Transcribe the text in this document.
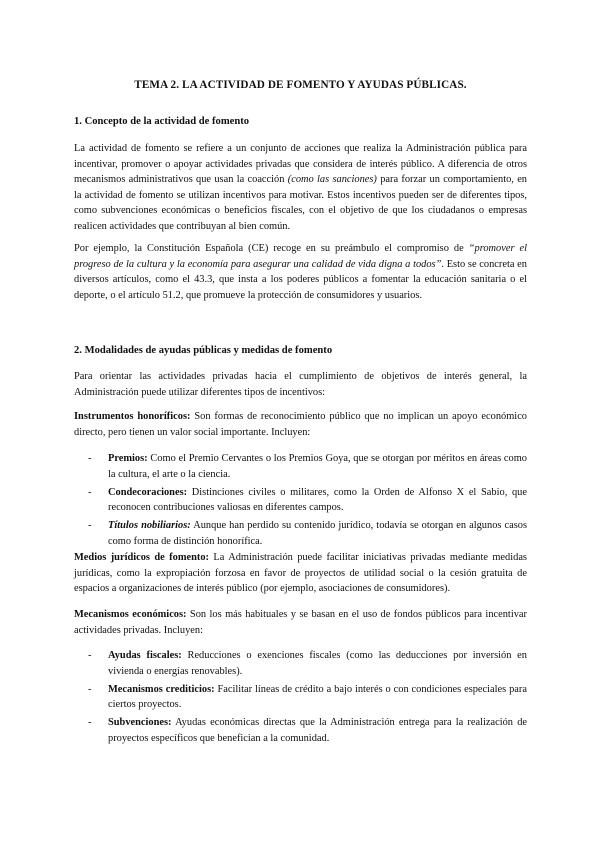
TEMA 2. LA ACTIVIDAD DE FOMENTO Y AYUDAS PÚBLICAS.
1. Concepto de la actividad de fomento

La actividad de fomento se refiere a un conjunto de acciones que realiza la Administración pública para incentivar, promover o apoyar actividades privadas que considera de interés público. A diferencia de otros mecanismos administrativos que usan la coacción (como las sanciones) para forzar un comportamiento, en la actividad de fomento se utilizan incentivos para motivar. Estos incentivos pueden ser de diferentes tipos, como subvenciones económicas o beneficios fiscales, con el objetivo de que los ciudadanos o empresas realicen actividades que contribuyan al bien común.

Por ejemplo, la Constitución Española (CE) recoge en su preámbulo el compromiso de “promover el progreso de la cultura y la economía para asegurar una calidad de vida digna a todos”. Esto se concreta en diversos artículos, como el 43.3, que insta a los poderes públicos a fomentar la educación sanitaria o el deporte, o el artículo 51.2, que promueve la protección de consumidores y usuarios.

2. Modalidades de ayudas públicas y medidas de fomento

Para orientar las actividades privadas hacia el cumplimiento de objetivos de interés general, la Administración puede utilizar diferentes tipos de incentivos:

Instrumentos honoríficos: Son formas de reconocimiento público que no implican un apoyo económico directo, pero tienen un valor social importante. Incluyen:

- Premios: Como el Premio Cervantes o los Premios Goya, que se otorgan por méritos en áreas como la cultura, el arte o la ciencia.
- Condecoraciones: Distinciones civiles o militares, como la Orden de Alfonso X el Sabio, que reconocen contribuciones valiosas en diferentes campos.
- Títulos nobiliarios: Aunque han perdido su contenido jurídico, todavía se otorgan en algunos casos como forma de distinción honorífica.

Medios jurídicos de fomento: La Administración puede facilitar iniciativas privadas mediante medidas jurídicas, como la expropiación forzosa en favor de proyectos de utilidad social o la cesión gratuita de espacios a organizaciones de interés público (por ejemplo, asociaciones de consumidores).

Mecanismos económicos: Son los más habituales y se basan en el uso de fondos públicos para incentivar actividades privadas. Incluyen:

- Ayudas fiscales: Reducciones o exenciones fiscales (como las deducciones por inversión en vivienda o energías renovables).
- Mecanismos crediticios: Facilitar líneas de crédito a bajo interés o con condiciones especiales para ciertos proyectos.
- Subvenciones: Ayudas económicas directas que la Administración entrega para la realización de proyectos específicos que benefician a la comunidad.
